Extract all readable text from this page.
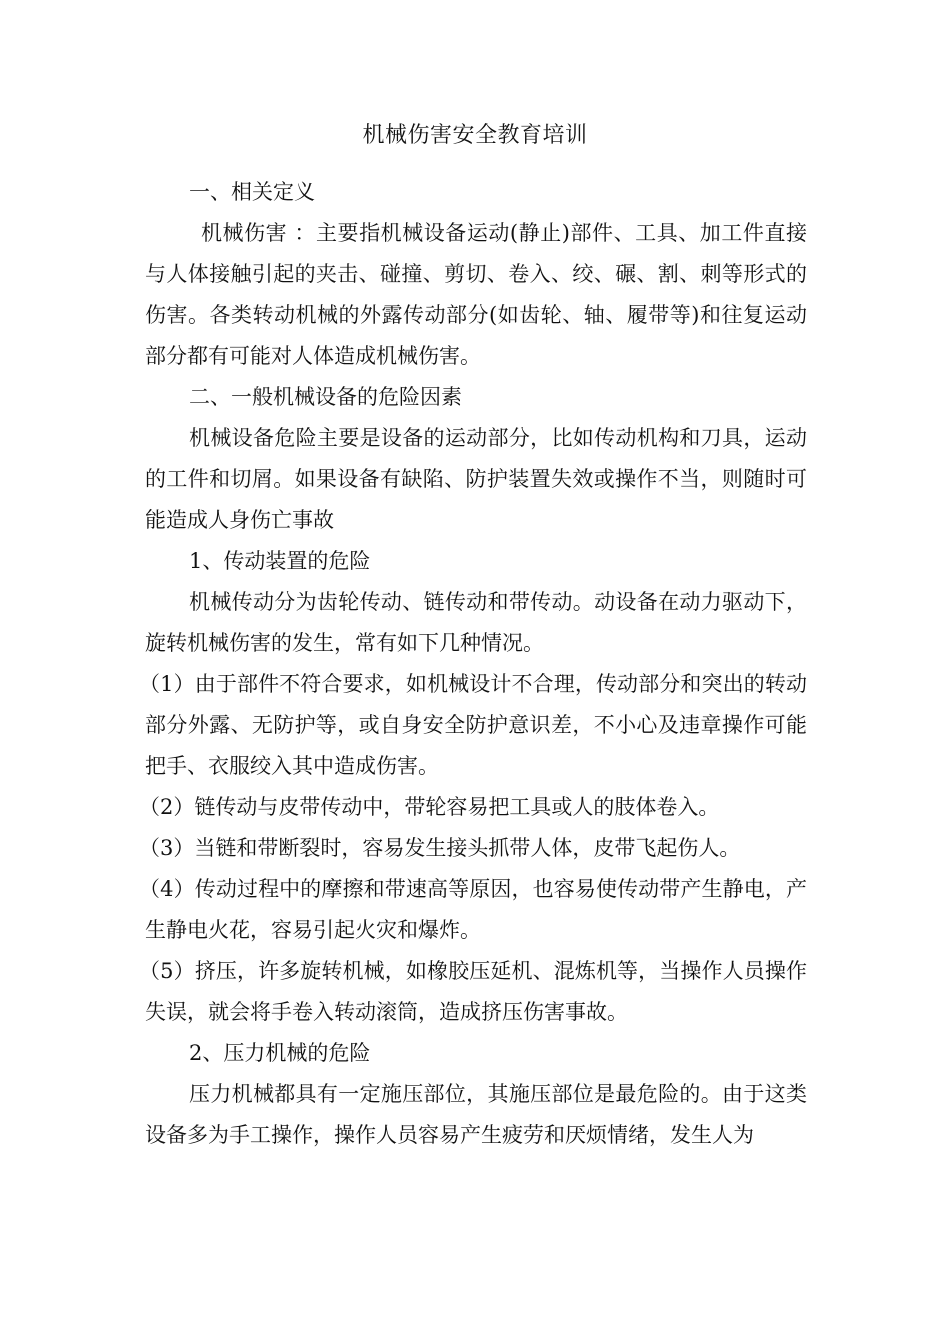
机械伤害安全教育培训

一、相关定义

机械伤害 ：主要指机械设备运动(静止)部件、工具、加工件直接与人体接触引起的夹击、碰撞、剪切、卷入、绞、碾、割、刺等形式的伤害。各类转动机械的外露传动部分(如齿轮、轴、履带等)和往复运动部分都有可能对人体造成机械伤害。

二、一般机械设备的危险因素

机械设备危险主要是设备的运动部分，比如传动机构和刀具，运动的工件和切屑。如果设备有缺陷、防护装置失效或操作不当，则随时可能造成人身伤亡事故

1、传动装置的危险

机械传动分为齿轮传动、链传动和带传动。动设备在动力驱动下，旋转机械伤害的发生，常有如下几种情况。

（1）由于部件不符合要求，如机械设计不合理，传动部分和突出的转动部分外露、无防护等，或自身安全防护意识差，不小心及违章操作可能把手、衣服绞入其中造成伤害。

（2）链传动与皮带传动中，带轮容易把工具或人的肢体卷入。

（3）当链和带断裂时，容易发生接头抓带人体，皮带飞起伤人。

（4）传动过程中的摩擦和带速高等原因，也容易使传动带产生静电，产生静电火花，容易引起火灾和爆炸。

（5）挤压，许多旋转机械，如橡胶压延机、混炼机等，当操作人员操作失误，就会将手卷入转动滚筒，造成挤压伤害事故。

2、压力机械的危险

压力机械都具有一定施压部位，其施压部位是最危险的。由于这类设备多为手工操作，操作人员容易产生疲劳和厌烦情绪，发生人为
